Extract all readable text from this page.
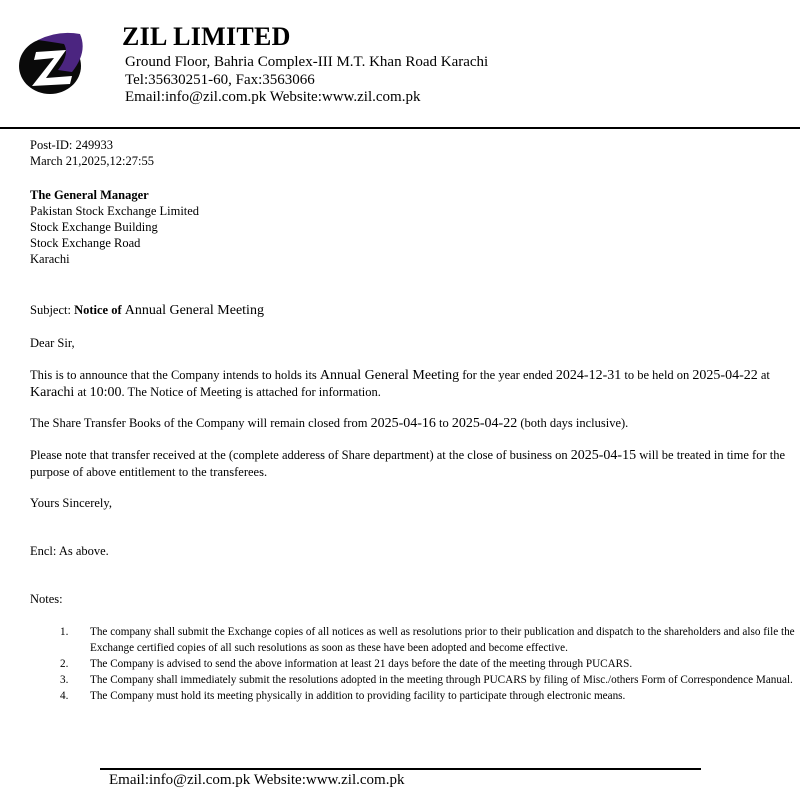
ZIL LIMITED
Ground Floor, Bahria Complex-III M.T. Khan Road Karachi
Tel:35630251-60, Fax:3563066
Email:info@zil.com.pk Website:www.zil.com.pk
Post-ID: 249933
March 21,2025,12:27:55
The General Manager
Pakistan Stock Exchange Limited
Stock Exchange Building
Stock Exchange Road
Karachi
Subject: Notice of Annual General Meeting
Dear Sir,
This is to announce that the Company intends to holds its Annual General Meeting for the year ended 2024-12-31 to be held on 2025-04-22 at Karachi at 10:00. The Notice of Meeting is attached for information.
The Share Transfer Books of the Company will remain closed from 2025-04-16 to 2025-04-22 (both days inclusive).
Please note that transfer received at the (complete adderess of Share department) at the close of business on 2025-04-15 will be treated in time for the purpose of above entitlement to the transferees.
Yours Sincerely,
Encl: As above.
Notes:
1.	The company shall submit the Exchange copies of all notices as well as resolutions prior to their publication and dispatch to the shareholders and also file the Exchange certified copies of all such resolutions as soon as these have been adopted and become effective.
2.	The Company is advised to send the above information at least 21 days before the date of the meeting through PUCARS.
3.	The Company shall immediately submit the resolutions adopted in the meeting through PUCARS by filing of Misc./others Form of Correspondence Manual.
4.	The Company must hold its meeting physically in addition to providing facility to participate through electronic means.
Email:info@zil.com.pk Website:www.zil.com.pk
